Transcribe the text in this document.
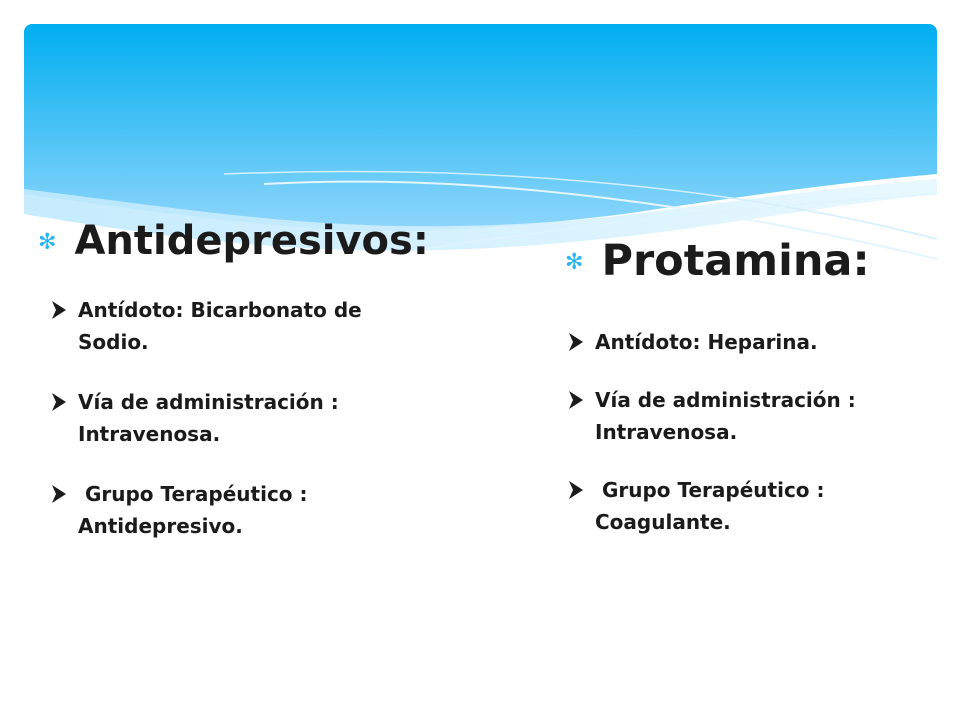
✻ Antidepresivos:
Antídoto: Bicarbonato de
Sodio.
Vía de administración :
Intravenosa.
Grupo Terapéutico :
Antidepresivo.
✻ Protamina:
Antídoto: Heparina.
Vía de administración :
Intravenosa.
Grupo Terapéutico :
Coagulante.
